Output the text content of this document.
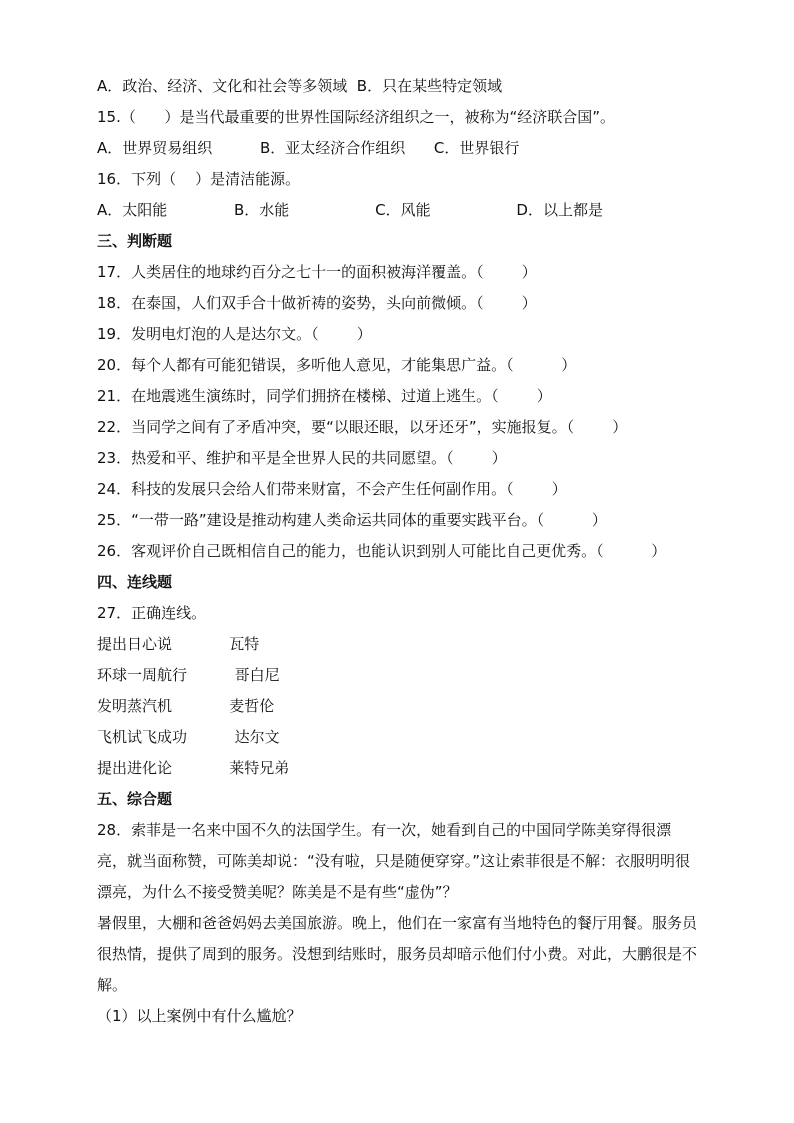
A．政治、经济、文化和社会等多领域  B．只在某些特定领域
15.（      ）是当代最重要的世界性国际经济组织之一，被称为“经济联合国”。
A．世界贸易组织          B．亚太经济合作组织      C．世界银行
16．下列（    ）是清洁能源。
A．太阳能              B．水能                  C．风能                  D．以上都是
三、判断题
17．人类居住的地球约百分之七十一的面积被海洋覆盖。（        ）
18．在泰国，人们双手合十做祈祷的姿势，头向前微倾。（        ）
19．发明电灯泡的人是达尔文。（        ）
20．每个人都有可能犯错误，多听他人意见，才能集思广益。（          ）
21．在地震逃生演练时，同学们拥挤在楼梯、过道上逃生。（        ）
22．当同学之间有了矛盾冲突，要“以眼还眼，以牙还牙”，实施报复。（        ）
23．热爱和平、维护和平是全世界人民的共同愿望。（        ）
24．科技的发展只会给人们带来财富，不会产生任何副作用。（        ）
25．“一带一路”建设是推动构建人类命运共同体的重要实践平台。（          ）
26．客观评价自己既相信自己的能力，也能认识到别人可能比自己更优秀。（          ）
四、连线题
27．正确连线。
提出日心说            瓦特
环球一周航行          哥白尼
发明蒸汽机            麦哲伦
飞机试飞成功          达尔文
提出进化论            莱特兄弟
五、综合题

28．索菲是一名来中国不久的法国学生。有一次，她看到自己的中国同学陈美穿得很漂亮，就当面称赞，可陈美却说：“没有啦，只是随便穿穿。”这让索菲很是不解：衣服明明很漂亮，为什么不接受赞美呢？陈美是不是有些“虚伪”？

暑假里，大棚和爸爸妈妈去美国旅游。晚上，他们在一家富有当地特色的餐厅用餐。服务员很热情，提供了周到的服务。没想到结账时，服务员却暗示他们付小费。对此，大鹏很是不解。

（1）以上案例中有什么尴尬？
